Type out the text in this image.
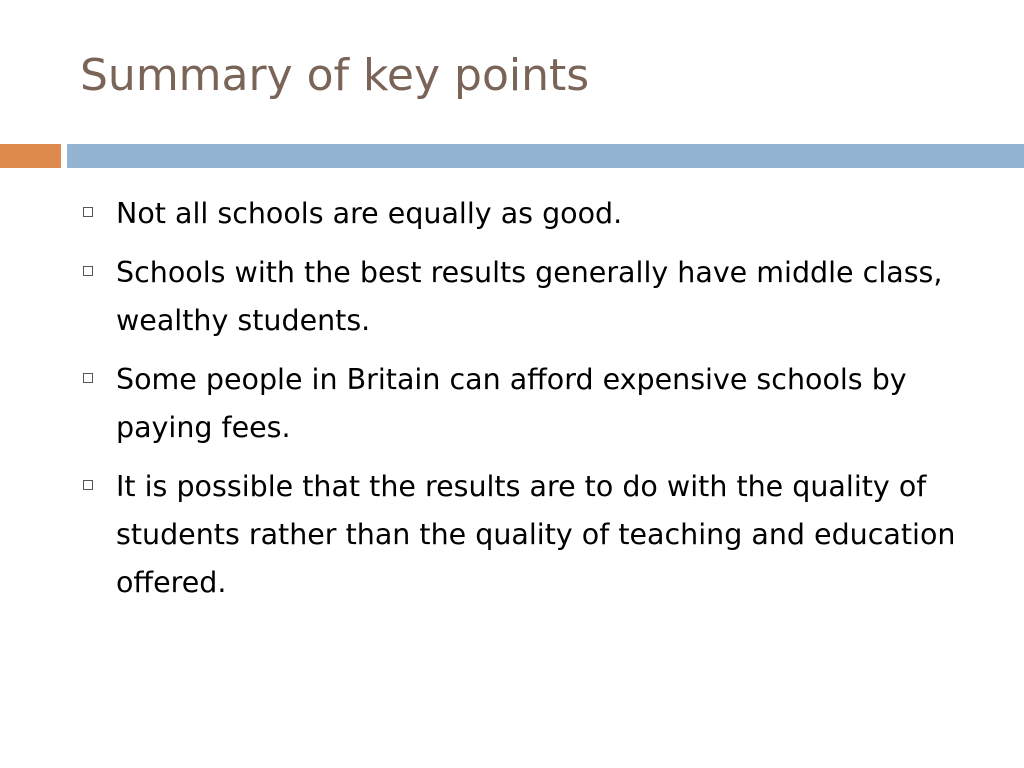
Summary of key points
Not all schools are equally as good.
Schools with the best results generally have middle class, wealthy students.
Some people in Britain can afford expensive schools by paying fees.
It is possible that the results are to do with the quality of students rather than the quality of teaching and education offered.
